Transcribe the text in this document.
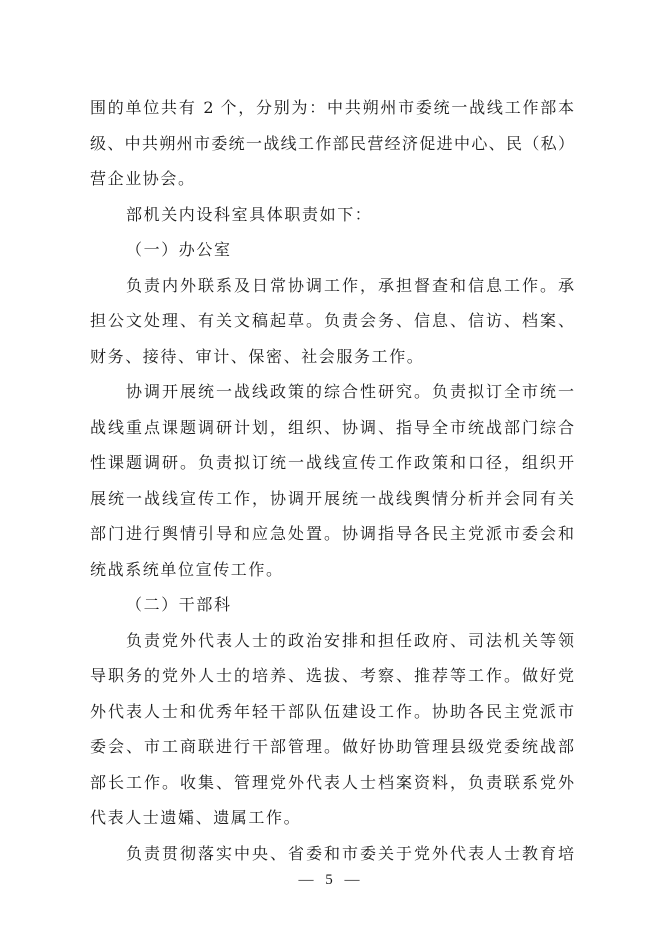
围的单位共有 2 个，分别为：中共朔州市委统一战线工作部本
级、中共朔州市委统一战线工作部民营经济促进中心、民（私）
营企业协会。
部机关内设科室具体职责如下：
（一）办公室
负责内外联系及日常协调工作，承担督查和信息工作。承
担公文处理、有关文稿起草。负责会务、信息、信访、档案、
财务、接待、审计、保密、社会服务工作。
协调开展统一战线政策的综合性研究。负责拟订全市统一
战线重点课题调研计划，组织、协调、指导全市统战部门综合
性课题调研。负责拟订统一战线宣传工作政策和口径，组织开
展统一战线宣传工作，协调开展统一战线舆情分析并会同有关
部门进行舆情引导和应急处置。协调指导各民主党派市委会和
统战系统单位宣传工作。
（二）干部科
负责党外代表人士的政治安排和担任政府、司法机关等领
导职务的党外人士的培养、选拔、考察、推荐等工作。做好党
外代表人士和优秀年轻干部队伍建设工作。协助各民主党派市
委会、市工商联进行干部管理。做好协助管理县级党委统战部
部长工作。收集、管理党外代表人士档案资料，负责联系党外
代表人士遗孀、遗属工作。
负责贯彻落实中央、省委和市委关于党外代表人士教育培
— 5 —
